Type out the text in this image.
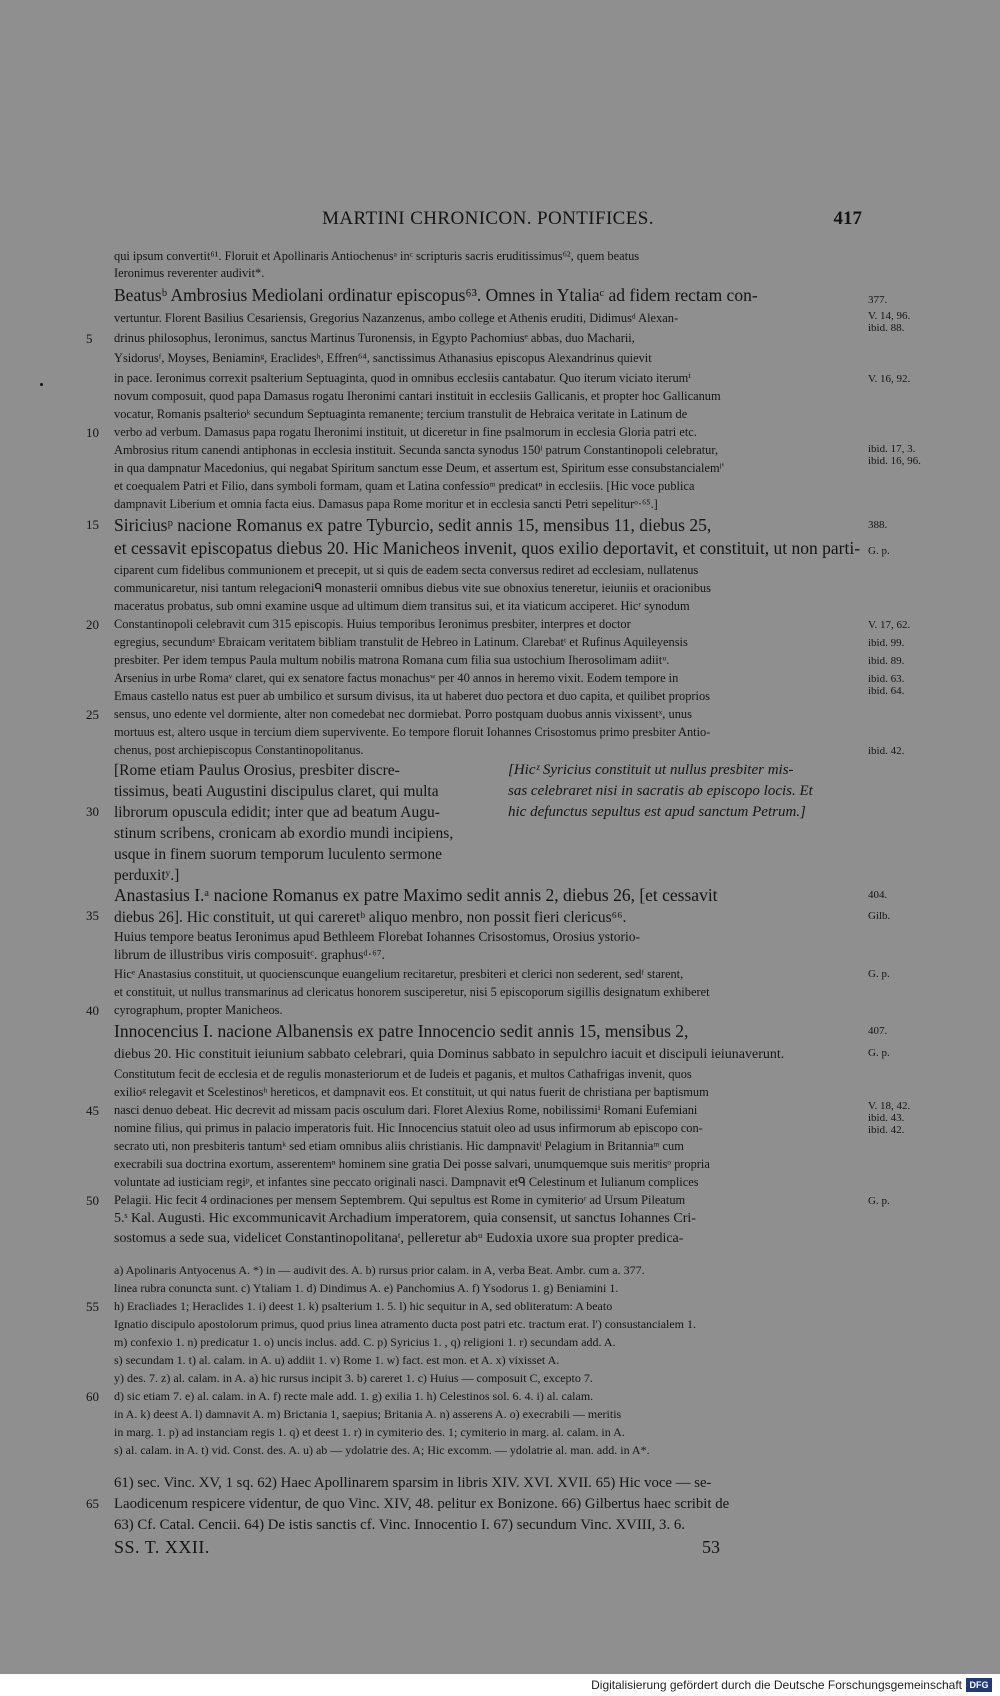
MARTINI CHRONICON. PONTIFICES.	417
qui ipsum convertit⁶¹. Floruit et Apollinaris Antiochenusᵃ inᶜ scripturis sacris eruditissimus⁶², quem beatus
Ieronimus reverenter audivit*.
Beatusᵇ Ambrosius Mediolani ordinatur episcopus⁶³. Omnes in Ytaliaᶜ ad fidem rectam con-
vertuntur. Florent Basilius Cesariensis, Gregorius Nazanzenus, ambo college et Athenis eruditi, Didimusᵈ Alexan-
drinus philosophus, Ieronimus, sanctus Martinus Turonensis, in Egypto Pachomiusᵉ abbas, duo Macharii,
Ysidorusᶠ, Moyses, Beniaminᵍ, Eraclidesʰ, Effren⁶⁴, sanctissimus Athanasius episcopus Alexandrinus quievit
in pace. Ieronimus correxit psalterium Septuaginta, quod in omnibus ecclesiis cantabatur. Quo iterum viciato iterumⁱ
novum composuit, quod papa Damasus rogatu Iheronimi cantari instituit in ecclesiis Gallicanis, et propter hoc Gallicanum
vocatur, Romanis psalterioᵏ secundum Septuaginta remanente; tercium transtulit de Hebraica veritate in Latinum de
verbo ad verbum. Damasus papa rogatu Iheronimi instituit, ut diceretur in fine psalmorum in ecclesia Gloria patri etc.
Ambrosius ritum canendi antiphonas in ecclesia instituit. Secunda sancta synodus 150ˡ patrum Constantinopoli celebratur,
in qua dampnatur Macedonius, qui negabat Spiritum sanctum esse Deum, et assertum est, Spiritum esse consubstancialemˡ'
et coequalem Patri et Filio, dans symboli formam, quam et Latina confessioᵐ predicatⁿ in ecclesiis. [Hic voce publica
dampnavit Liberium et omnia facta eius. Damasus papa Rome moritur et in ecclesia sancti Petri sepeliturᵒ·⁶⁵.]
Siriciusᵖ nacione Romanus ex patre Tyburcio, sedit annis 15, mensibus 11, diebus 25,
et cessavit episcopatus diebus 20. Hic Manicheos invenit, quos exilio deportavit, et constituit, ut non parti-
ciparent cum fidelibus communionem et precepit, ut si quis de eadem secta conversus rediret ad ecclesiam, nullatenus
communicaretur, nisi tantum relegacioniᑫ monasterii omnibus diebus vite sue obnoxius teneretur, ieiuniis et oracionibus
maceratus probatus, sub omni examine usque ad ultimum diem transitus sui, et ita viaticum acciperet. Hicʳ synodum
Constantinopoli celebravit cum 315 episcopis. Huius temporibus Ieronimus presbiter, interpres et doctor
egregius, secundumˢ Ebraicam veritatem bibliam transtulit de Hebreo in Latinum. Clarebatᵗ et Rufinus Aquileyensis
presbiter. Per idem tempus Paula multum nobilis matrona Romana cum filia sua ustochium Iherosolimam adiitᵘ.
Arsenius in urbe Romaᵛ claret, qui ex senatore factus monachusʷ per 40 annos in heremo vixit. Eodem tempore in
Emaus castello natus est puer ab umbilico et sursum divisus, ita ut haberet duo pectora et duo capita, et quilibet proprios
sensus, uno edente vel dormiente, alter non comedebat nec dormiebat. Porro postquam duobus annis vixissentˣ, unus
mortuus est, altero usque in tercium diem supervivente. Eo tempore floruit Iohannes Crisostomus primo presbiter Antio-
chenus, post archiepiscopus Constantinopolitanus.
[Rome etiam Paulus Orosius, presbiter discre-
tissimus, beati Augustini discipulus claret, qui multa
librorum opuscula edidit; inter que ad beatum Augu-
stinum scribens, cronicam ab exordio mundi incipiens,
usque in finem suorum temporum luculento sermone
perduxitʸ.]
[Hicᶻ Syricius constituit ut nullus presbiter mis-
sas celebraret nisi in sacratis ab episcopo locis. Et
hic defunctus sepultus est apud sanctum Petrum.]
Anastasius I.ᵃ nacione Romanus ex patre Maximo sedit annis 2, diebus 26, [et cessavit
diebus 26]. Hic constituit, ut qui careretᵇ aliquo menbro, non possit fieri clericus⁶⁶.
Huius tempore beatus Ieronimus apud Bethleem Florebat Iohannes Crisostomus, Orosius ystorio-
librum de illustribus viris composuitᶜ. graphusᵈ·⁶⁷.
Hicᵉ Anastasius constituit, ut quocienscunque euangelium recitaretur, presbiteri et clerici non sederent, sedᶠ starent,
et constituit, ut nullus transmarinus ad clericatus honorem susciperetur, nisi 5 episcoporum sigillis designatum exhiberet
cyrographum, propter Manicheos.
Innocencius I. nacione Albanensis ex patre Innocencio sedit annis 15, mensibus 2,
diebus 20. Hic constituit ieiunium sabbato celebrari, quia Dominus sabbato in sepulchro iacuit et discipuli ieiunaverunt.
Constitutum fecit de ecclesia et de regulis monasteriorum et de Iudeis et paganis, et multos Cathafrigas invenit, quos
exilioᵍ relegavit et Scelestinosʰ hereticos, et dampnavit eos. Et constituit, ut qui natus fuerit de christiana per baptismum
nasci denuo debeat. Hic decrevit ad missam pacis osculum dari. Floret Alexius Rome, nobilissimiⁱ Romani Eufemiani
nomine filius, qui primus in palacio imperatoris fuit. Hic Innocencius statuit oleo ad usus infirmorum ab episcopo con-
secrato uti, non presbiteris tantumᵏ sed etiam omnibus aliis christianis. Hic dampnavitˡ Pelagium in Britanniaᵐ cum
execrabili sua doctrina exortum, asserentemⁿ hominem sine gratia Dei posse salvari, unumquemque suis meritisᵒ propria
voluntate ad iusticiam regiᵖ, et infantes sine peccato originali nasci. Dampnavit etᑫ Celestinum et Iulianum complices
Pelagii. Hic fecit 4 ordinaciones per mensem Septembrem. Qui sepultus est Rome in cymiterioʳ ad Ursum Pileatum
5.ˢ Kal. Augusti. Hic excommunicavit Archadium imperatorem, quia consensit, ut sanctus Iohannes Cri-
sostomus a sede sua, videlicet Constantinopolitanaᵗ, pelleretur abᵘ Eudoxia uxore sua propter predica-
a) Apolinaris Antyocenus A. *) in — audivit des. A. b) rursus prior calam. in A, verba Beat. Ambr. cum a. 377.
linea rubra conuncta sunt. c) Ytaliam 1. d) Dindimus A. e) Panchomius A. f) Ysodorus 1. g) Beniamini 1.
h) Eracliades 1; Heraclides 1. i) deest 1. k) psalterium 1. 5. l) hic sequitur in A, sed obliteratum: A beato
Ignatio discipulo apostolorum primus, quod prius linea atramento ducta post patri etc. tractum erat. l') consustancialem 1.
m) confexio 1. n) predicatur 1. o) uncis inclus. add. C. p) Syricius 1. , q) religioni 1. r) secundam add. A.
s) secundam 1. t) al. calam. in A. u) addiit 1. v) Rome 1. w) fact. est mon. et A. x) vixisset A.
y) des. 7. z) al. calam. in A. a) hic rursus incipit 3. b) careret 1. c) Huius — composuit C, excepto 7.
d) sic etiam 7. e) al. calam. in A. f) recte male add. 1. g) exilia 1. h) Celestinos sol. 6. 4. i) al. calam.
in A. k) deest A. l) damnavit A. m) Brictania 1, saepius; Britania A. n) asserens A. o) execrabili — meritis
in marg. 1. p) ad instanciam regis 1. q) et deest 1. r) in cymiterio des. 1; cymiterio in marg. al. calam. in A.
s) al. calam. in A. t) vid. Const. des. A. u) ab — ydolatrie des. A; Hic excomm. — ydolatrie al. man. add. in A*.
61) sec. Vinc. XV, 1 sq. 62) Haec Apollinarem sparsim in libris XIV. XVI. XVII. 65) Hic voce — se-
Laodicenum respicere videntur, de quo Vinc. XIV, 48. pelitur ex Bonizone. 66) Gilbertus haec scribit de
63) Cf. Catal. Cencii. 64) De istis sanctis cf. Vinc. Innocentio I. 67) secundum Vinc. XVIII, 3. 6.
SS. T. XXII.	53
5
10
15
20
25
30
35
40
45
50
55
60
65
377.
V. 14, 96.
ibid. 88.
V. 16, 92.
ibid. 17, 3.
ibid. 16, 96.
388.
G. p.
V. 17, 62.
ibid. 99.
ibid. 89.
ibid. 63.
ibid. 64.
ibid. 42.
404.
Gilb.
G. p.
407.
G. p.
V. 18, 42.
ibid. 43.
ibid. 42.
G. p.
Digitalisierung gefördert durch die Deutsche Forschungsgemeinschaft DFG
